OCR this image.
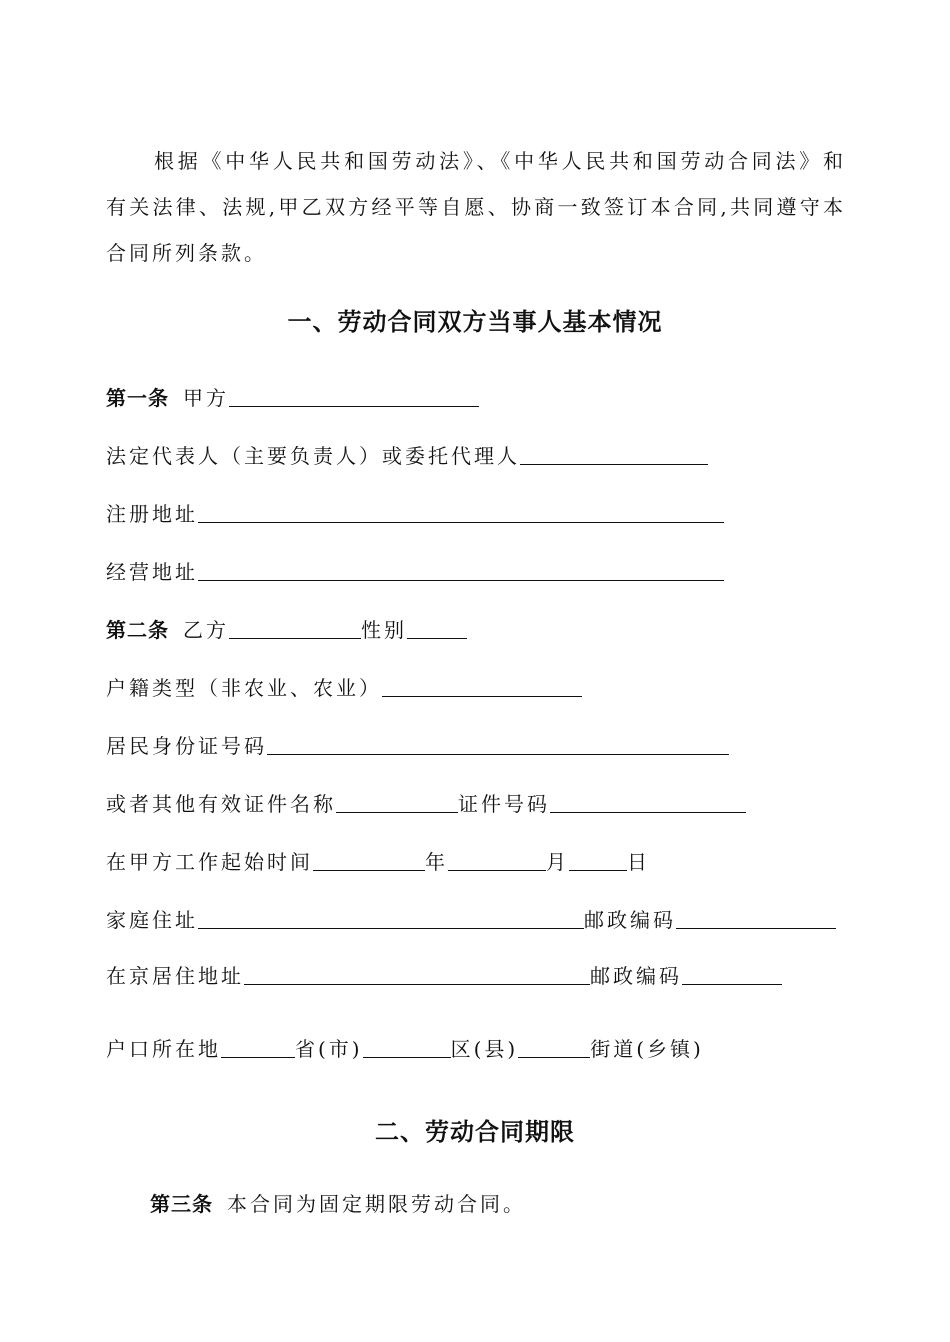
根据《中华人民共和国劳动法》、《中华人民共和国劳动合同法》和有关法律、法规,甲乙双方经平等自愿、协商一致签订本合同,共同遵守本合同所列条款。

一、劳动合同双方当事人基本情况
第一条 甲方
法定代表人（主要负责人）或委托代理人
注册地址
经营地址
第二条 乙方	性别
户籍类型（非农业、农业）
居民身份证号码
或者其他有效证件名称	证件号码
在甲方工作起始时间	年	月	日
家庭住址	邮政编码
在京居住地址	邮政编码
户口所在地	省(市)	区(县)	街道(乡镇)
二、劳动合同期限
第三条 本合同为固定期限劳动合同。
